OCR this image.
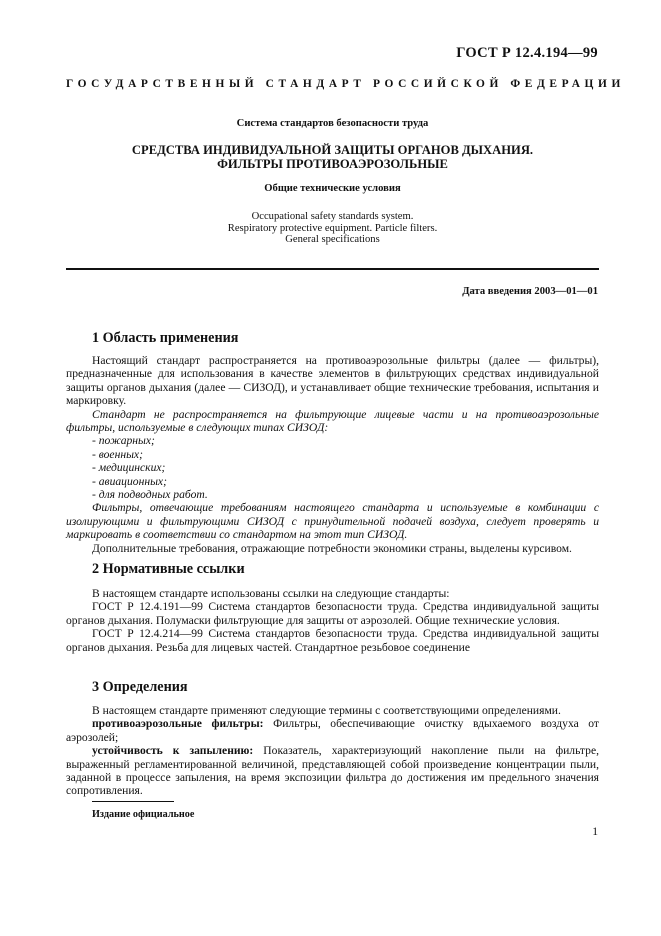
ГОСТ Р 12.4.194—99
ГОСУДАРСТВЕННЫЙ СТАНДАРТ РОССИЙСКОЙ ФЕДЕРАЦИИ
Система стандартов безопасности труда
СРЕДСТВА ИНДИВИДУАЛЬНОЙ ЗАЩИТЫ ОРГАНОВ ДЫХАНИЯ.
ФИЛЬТРЫ ПРОТИВОАЭРОЗОЛЬНЫЕ
Общие технические условия
Occupational safety standards system.
Respiratory protective equipment. Particle filters.
General specifications
Дата введения 2003—01—01
1 Область применения

Настоящий стандарт распространяется на противоаэрозольные фильтры (далее — фильтры), предназначенные для использования в качестве элементов в фильтрующих средствах индивидуальной защиты органов дыхания (далее — СИЗОД), и устанавливает общие технические требования, испытания и маркировку.

Стандарт не распространяется на фильтрующие лицевые части и на противоаэрозольные фильтры, используемые в следующих типах СИЗОД:

- пожарных;
- военных;
- медицинских;
- авиационных;
- для подводных работ.

Фильтры, отвечающие требованиям настоящего стандарта и используемые в комбинации с изолирующими и фильтрующими СИЗОД с принудительной подачей воздуха, следует проверять и маркировать в соответствии со стандартом на этот тип СИЗОД.

Дополнительные требования, отражающие потребности экономики страны, выделены курсивом.

2 Нормативные ссылки

В настоящем стандарте использованы ссылки на следующие стандарты:

ГОСТ Р 12.4.191—99 Система стандартов безопасности труда. Средства индивидуальной защиты органов дыхания. Полумаски фильтрующие для защиты от аэрозолей. Общие технические условия.

ГОСТ Р 12.4.214—99 Система стандартов безопасности труда. Средства индивидуальной защиты органов дыхания. Резьба для лицевых частей. Стандартное резьбовое соединение

3 Определения

В настоящем стандарте применяют следующие термины с соответствующими определениями.

противоаэрозольные фильтры: Фильтры, обеспечивающие очистку вдыхаемого воздуха от аэрозолей;

устойчивость к запылению: Показатель, характеризующий накопление пыли на фильтре, выраженный регламентированной величиной, представляющей собой произведение концентрации пыли, заданной в процессе запыления, на время экспозиции фильтра до достижения им предельного значения сопротивления.

Издание официальное
1
